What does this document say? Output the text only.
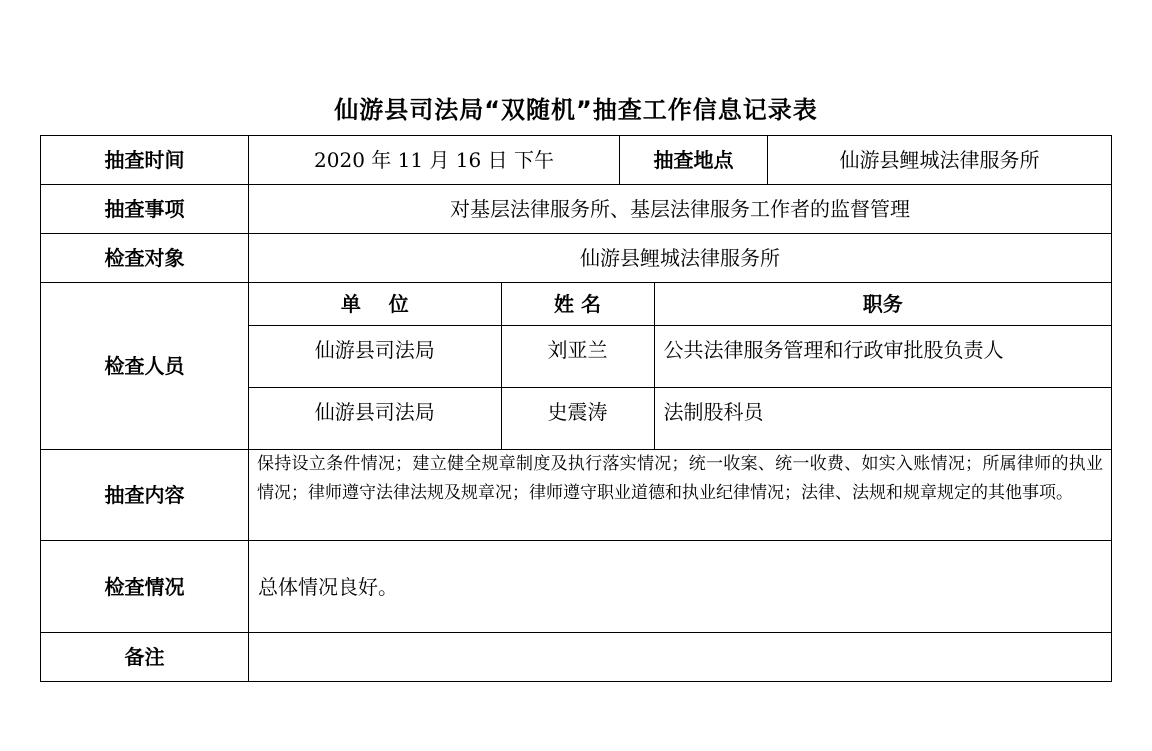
仙游县司法局“双随机”抽查工作信息记录表
抽查时间	2020 年 11 月 16 日 下午	抽查地点	仙游县鲤城法律服务所
抽查事项	对基层法律服务所、基层法律服务工作者的监督管理
检查对象	仙游县鲤城法律服务所
检查人员	
单    位	姓 名	职务
仙游县司法局	刘亚兰	公共法律服务管理和行政审批股负责人
仙游县司法局	史震涛	法制股科员

抽查内容	保持设立条件情况；建立健全规章制度及执行落实情况；统一收案、统一收费、如实入账情况；所属律师的执业情况；律师遵守法律法规及规章况；律师遵守职业道德和执业纪律情况；法律、法规和规章规定的其他事项。
检查情况	总体情况良好。
备注	
